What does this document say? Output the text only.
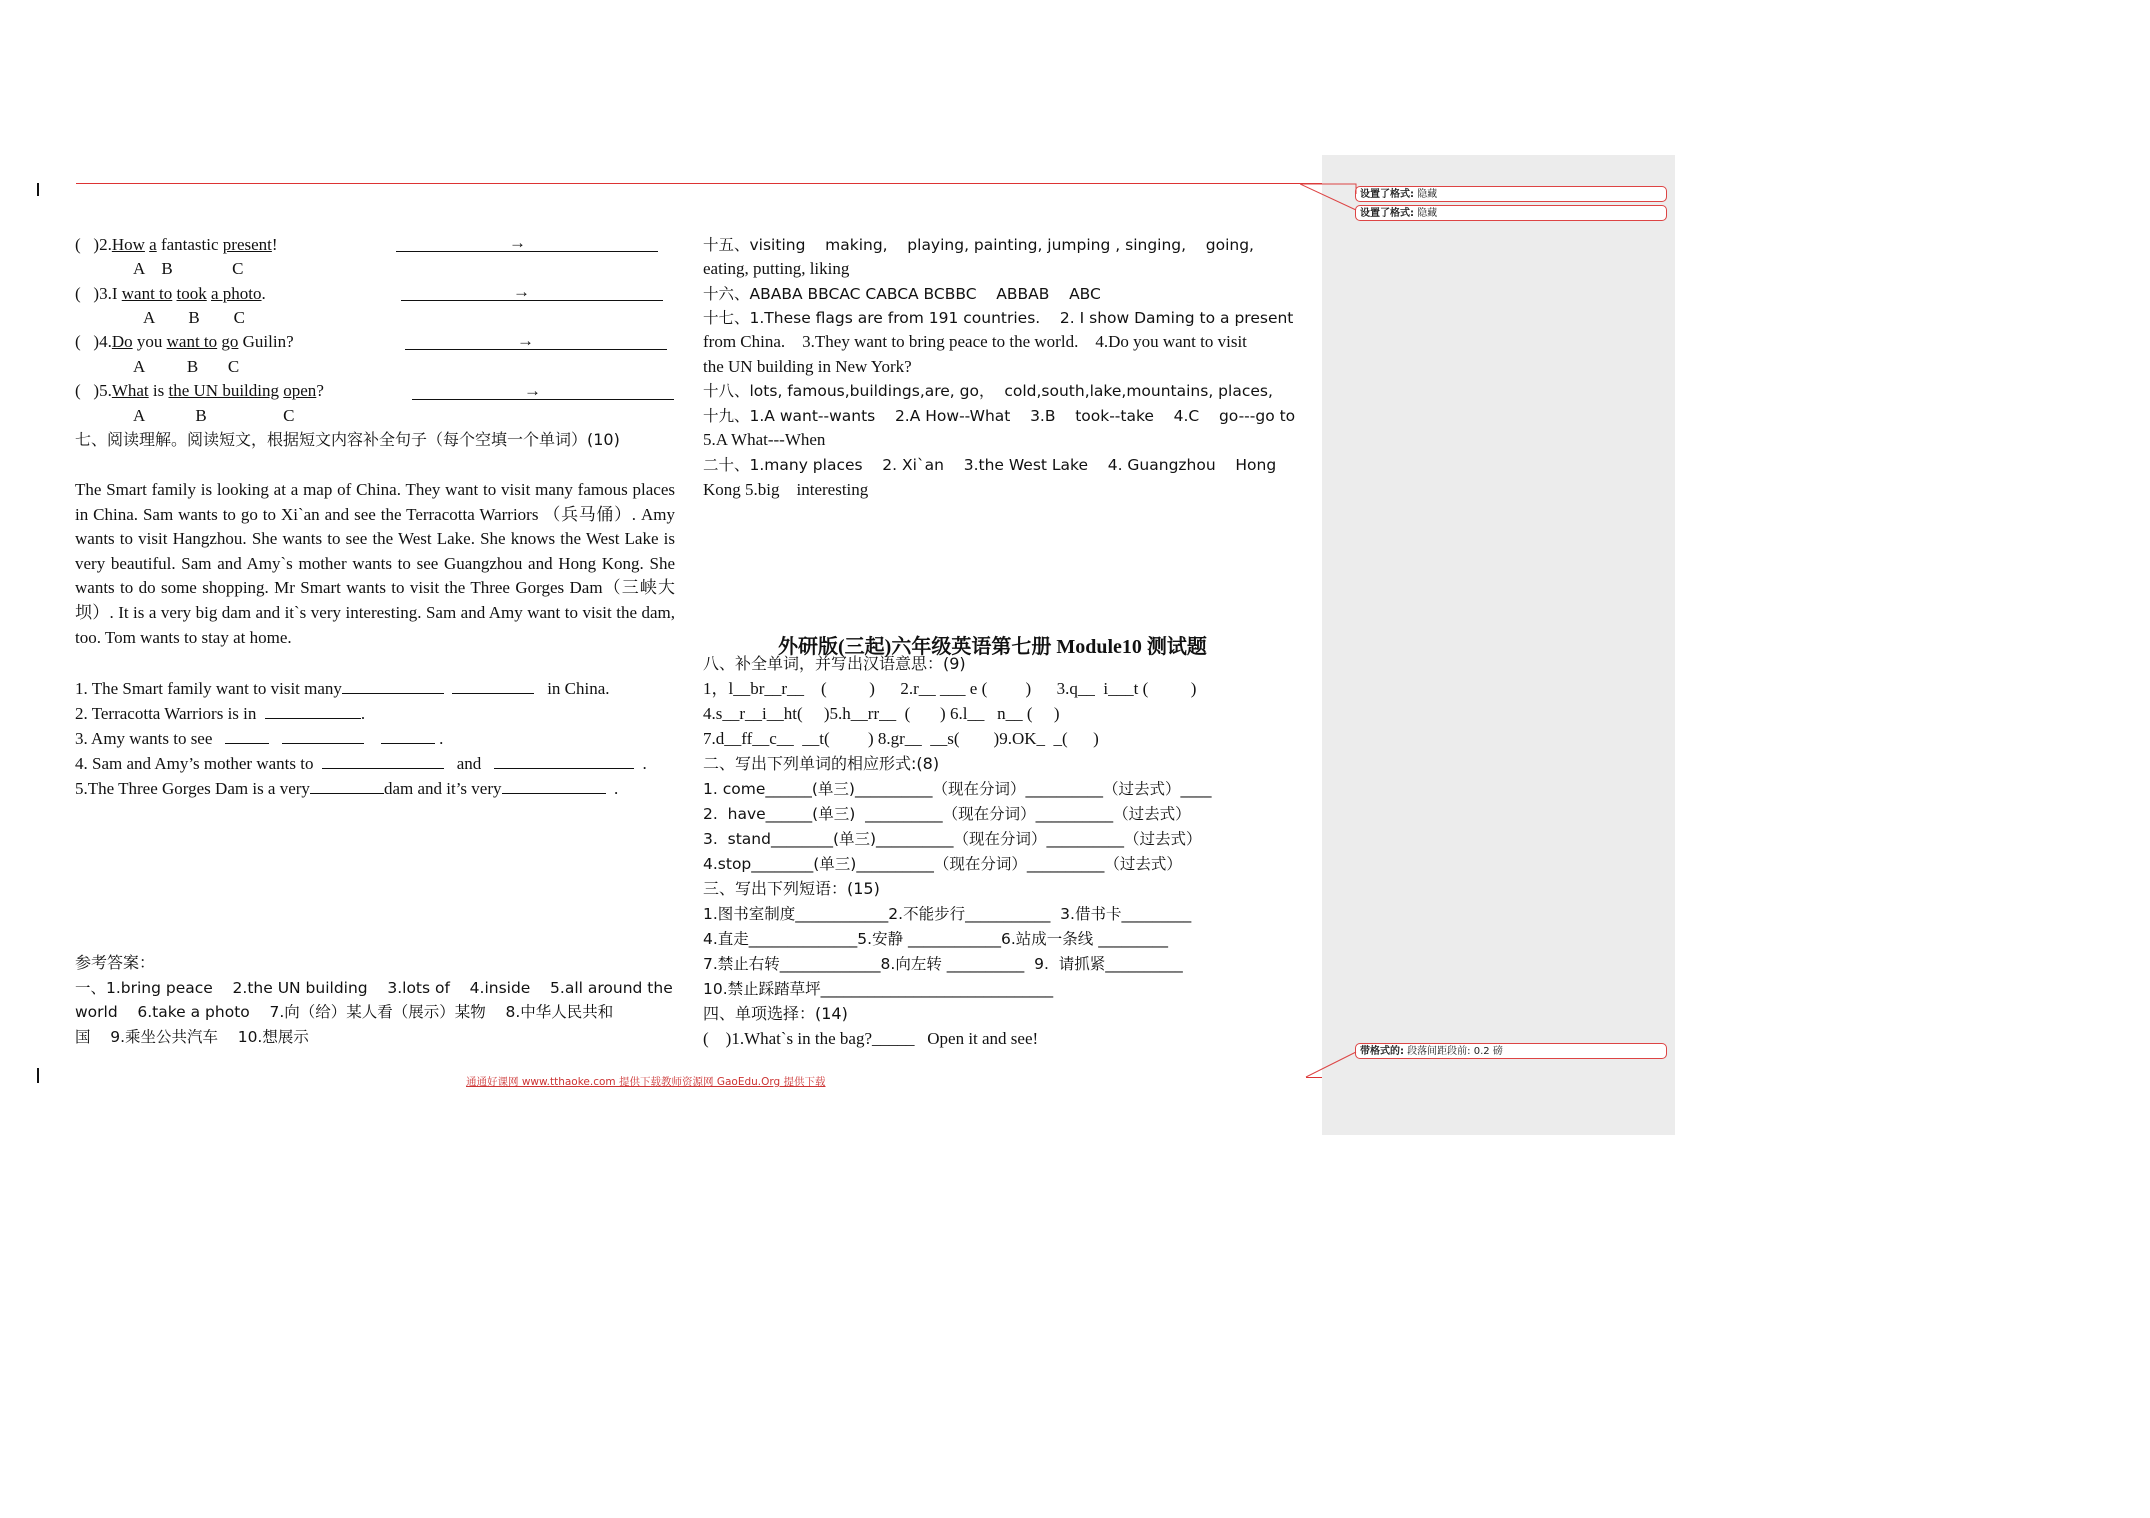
( )2.How a fantastic present!	→
A    B              C
( )3.I want to took a photo.	→
A        B        C
( )4.Do you want to go Guilin?	→
A          B       C
( )5.What is the UN building open?	→
A            B                  C
七、阅读理解。阅读短文，根据短文内容补全句子（每个空填一个单词）(10)
The Smart family is looking at a map of China. They want to visit many famous places in China. Sam wants to go to Xi`an and see the Terracotta Warriors （兵马俑）. Amy wants to visit Hangzhou. She wants to see the West Lake. She knows the West Lake is very beautiful. Sam and Amy`s mother wants to see Guangzhou and Hong Kong. She wants to do some shopping. Mr Smart wants to visit the Three Gorges Dam（三峡大坝）. It is a very big dam and it`s very interesting. Sam and Amy want to visit the dam, too. Tom wants to stay at home.
1. The Smart family want to visit many	in China.
2. Terracotta Warriors is in	.
3. Amy wants to see	.
4. Sam and Amy’s mother wants to	and	.
5.The Three Gorges Dam is a very	dam and it’s very	.
参考答案：
一、1.bring peace    2.the UN building    3.lots of    4.inside    5.all around the
world    6.take a photo    7.向（给）某人看（展示）某物    8.中华人民共和
国    9.乘坐公共汽车    10.想展示
十五、visiting    making,    playing, painting, jumping , singing,    going,
eating, putting, liking
十六、ABABA BBCAC CABCA BCBBC    ABBAB    ABC
十七、1.These flags are from 191 countries.    2. I show Daming to a present
from China.    3.They want to bring peace to the world.    4.Do you want to visit
the UN building in New York?
十八、lots, famous,buildings,are, go，  cold,south,lake,mountains, places,
十九、1.A want--wants    2.A How--What    3.B    took--take    4.C    go---go to
5.A What---When
二十、1.many places    2. Xi`an    3.the West Lake    4. Guangzhou    Hong
Kong 5.big    interesting
外研版(三起)六年级英语第七册 Module10 测试题
八、补全单词，并写出汉语意思：(9)
1，l__br__r__    (          )      2.r__ ___ e (         )      3.q__  i___t (          )
4.s__r__i__ht(     )5.h__rr__  (       ) 6.l__   n__ (     )
7.d__ff__c__  __t(         ) 8.gr__  __s(        )9.OK_  _(      )
二、写出下列单词的相应形式:(8)
1. come______(单三)__________（现在分词）__________（过去式）____
2.  have______(单三)  __________（现在分词）__________（过去式）
3.  stand________(单三)__________（现在分词）__________（过去式）
4.stop________(单三)__________（现在分词）__________（过去式）
三、写出下列短语：(15)
1.图书室制度____________2.不能步行___________  3.借书卡_________
4.直走______________5.安静 ____________6.站成一条线 _________
7.禁止右转_____________8.向左转 __________  9.  请抓紧__________
10.禁止踩踏草坪______________________________
四、单项选择：(14)
(    )1.What`s in the bag?_____   Open it and see!
设置了格式: 隐藏
设置了格式: 隐藏
带格式的: 段落间距段前: 0.2 磅
通通好课网 www.tthaoke.com 提供下载教师资源网 GaoEdu.Org 提供下载
